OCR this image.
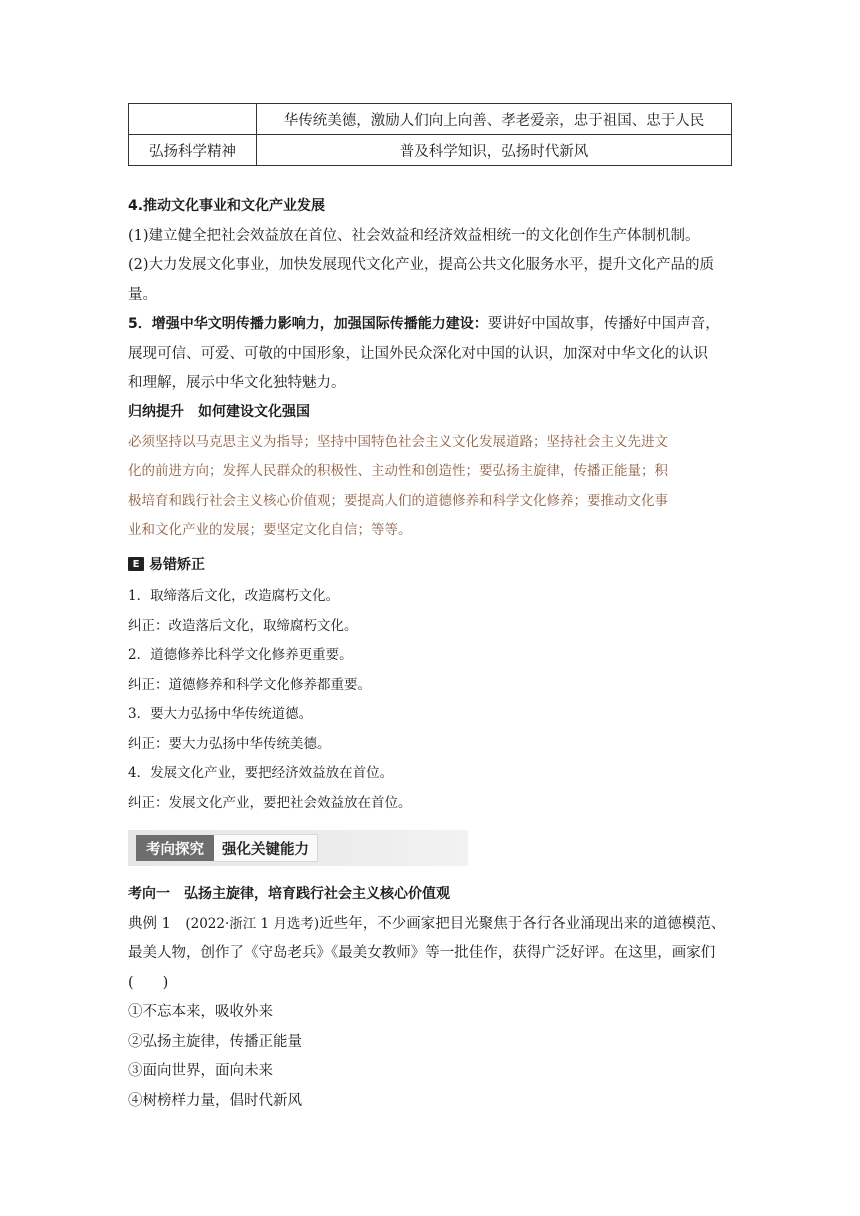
	华传统美德，激励人们向上向善、孝老爱亲，忠于祖国、忠于人民
弘扬科学精神	普及科学知识，弘扬时代新风
4.推动文化事业和文化产业发展
(1)建立健全把社会效益放在首位、社会效益和经济效益相统一的文化创作生产体制机制。
(2)大力发展文化事业，加快发展现代文化产业，提高公共文化服务水平，提升文化产品的质
量。
5．增强中华文明传播力影响力，加强国际传播能力建设：要讲好中国故事，传播好中国声音，
展现可信、可爱、可敬的中国形象，让国外民众深化对中国的认识，加深对中华文化的认识
和理解，展示中华文化独特魅力。
归纳提升　如何建设文化强国
必须坚持以马克思主义为指导；坚持中国特色社会主义文化发展道路；坚持社会主义先进文
化的前进方向；发挥人民群众的积极性、主动性和创造性；要弘扬主旋律，传播正能量；积
极培育和践行社会主义核心价值观；要提高人们的道德修养和科学文化修养；要推动文化事
业和文化产业的发展；要坚定文化自信；等等。
E 易错矫正
1．取缔落后文化，改造腐朽文化。
纠正：改造落后文化，取缔腐朽文化。
2．道德修养比科学文化修养更重要。
纠正：道德修养和科学文化修养都重要。
3．要大力弘扬中华传统道德。
纠正：要大力弘扬中华传统美德。
4．发展文化产业，要把经济效益放在首位。
纠正：发展文化产业，要把社会效益放在首位。
考向探究	强化关键能力
考向一　弘扬主旋律，培育践行社会主义核心价值观
典例 1　(2022·浙江 1 月选考)近些年，不少画家把目光聚焦于各行各业涌现出来的道德模范、
最美人物，创作了《守岛老兵》《最美女教师》等一批佳作，获得广泛好评。在这里，画家们
(　　)
①不忘本来，吸收外来
②弘扬主旋律，传播正能量
③面向世界，面向未来
④树榜样力量，倡时代新风
